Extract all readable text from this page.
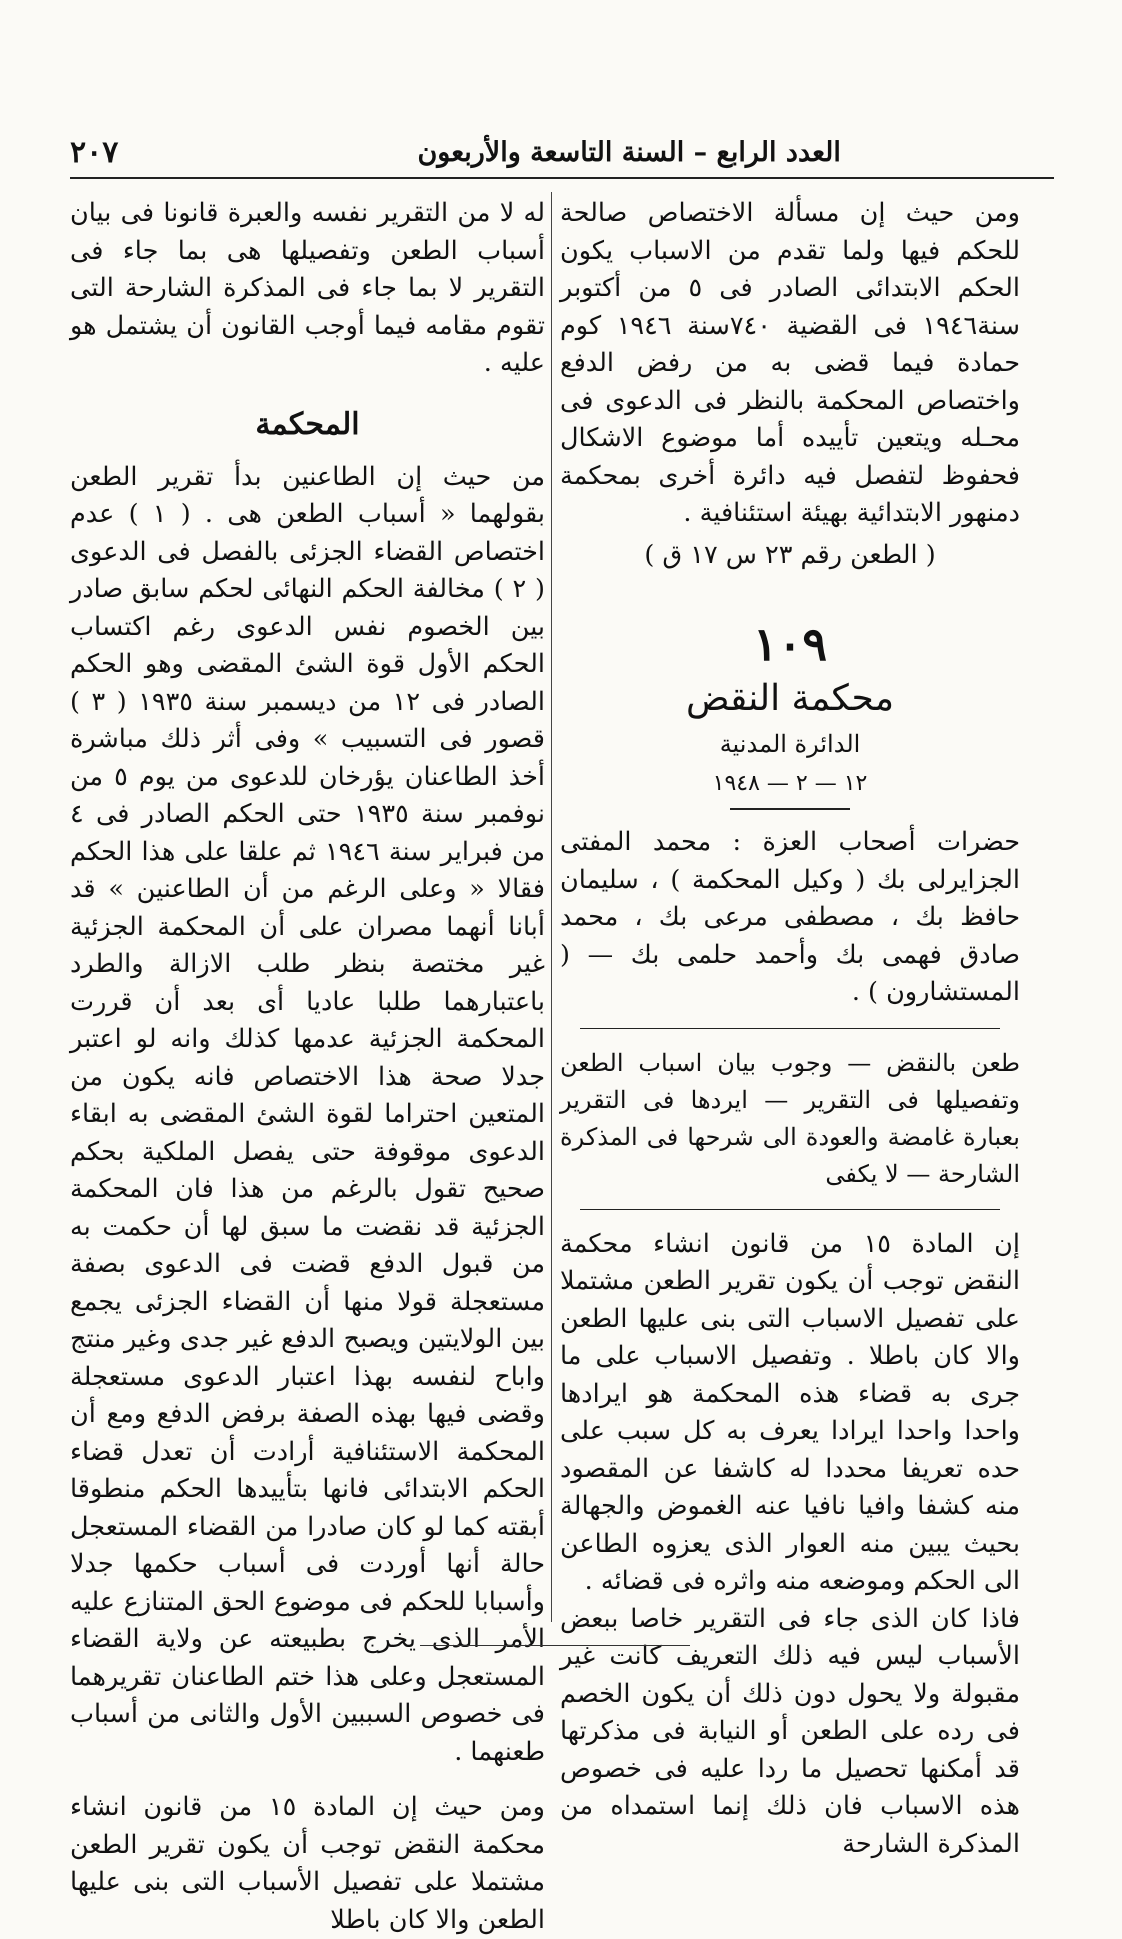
العدد الرابع – السنة التاسعة والأربعون
٢٠٧

ومن حيث إن مسألة الاختصاص صالحة للحكم فيها ولما تقدم من الاسباب يكون الحكم الابتدائى الصادر فى ٥ من أكتوبر سنة١٩٤٦ فى القضية ٧٤٠سنة ١٩٤٦ كوم حمادة فيما قضى به من رفض الدفع واختصاص المحكمة بالنظر فى الدعوى فى محـله ويتعين تأييده أما موضوع الاشكال فحفوظ لتفصل فيه دائرة أخرى بمحكمة دمنهور الابتدائية بهيئة استئنافية .

( الطعن رقم ٢٣ س ١٧ ق )

١٠٩

محكمة النقض

الدائرة المدنية

١٢ — ٢ — ١٩٤٨

حضرات أصحاب العزة : محمد المفتى الجزايرلى بك ( وكيل المحكمة ) ، سليمان حافظ بك ، مصطفى مرعى بك ، محمد صادق فهمى بك وأحمد حلمى بك — ( المستشارون ) .

طعن بالنقض — وجوب بيان اسباب الطعن وتفصيلها فى التقرير — ايردها فى التقرير بعبارة غامضة والعودة الى شرحها فى المذكرة الشارحة — لا يكفى

إن المادة ١٥ من قانون انشاء محكمة النقض توجب أن يكون تقرير الطعن مشتملا على تفصيل الاسباب التى بنى عليها الطعن والا كان باطلا . وتفصيل الاسباب على ما جرى به قضاء هذه المحكمة هو ايرادها واحدا واحدا ايرادا يعرف به كل سبب على حده تعريفا محددا له كاشفا عن المقصود منه كشفا وافيا نافيا عنه الغموض والجهالة بحيث يبين منه العوار الذى يعزوه الطاعن الى الحكم وموضعه منه واثره فى قضائه .

فاذا كان الذى جاء فى التقرير خاصا ببعض الأسباب ليس فيه ذلك التعريف كانت غير مقبولة ولا يحول دون ذلك أن يكون الخصم فى رده على الطعن أو النيابة فى مذكرتها قد أمكنها تحصيل ما ردا عليه فى خصوص هذه الاسباب فان ذلك إنما استمداه من المذكرة الشارحة

له لا من التقرير نفسه والعبرة قانونا فى بيان أسباب الطعن وتفصيلها هى بما جاء فى التقرير لا بما جاء فى المذكرة الشارحة التى تقوم مقامه فيما أوجب القانون أن يشتمل هو عليه .

المحكمة

من حيث إن الطاعنين بدأ تقرير الطعن بقولهما « أسباب الطعن هى . ( ١ ) عدم اختصاص القضاء الجزئى بالفصل فى الدعوى ( ٢ ) مخالفة الحكم النهائى لحكم سابق صادر بين الخصوم نفس الدعوى رغم اكتساب الحكم الأول قوة الشئ المقضى وهو الحكم الصادر فى ١٢ من ديسمبر سنة ١٩٣٥ ( ٣ ) قصور فى التسبيب » وفى أثر ذلك مباشرة أخذ الطاعنان يؤرخان للدعوى من يوم ٥ من نوفمبر سنة ١٩٣٥ حتى الحكم الصادر فى ٤ من فبراير سنة ١٩٤٦ ثم علقا على هذا الحكم فقالا « وعلى الرغم من أن الطاعنين » قد أبانا أنهما مصران على أن المحكمة الجزئية غير مختصة بنظر طلب الازالة والطرد باعتبارهما طلبا عاديا أى بعد أن قررت المحكمة الجزئية عدمها كذلك وانه لو اعتبر جدلا صحة هذا الاختصاص فانه يكون من المتعين احتراما لقوة الشئ المقضى به ابقاء الدعوى موقوفة حتى يفصل الملكية بحكم صحيح تقول بالرغم من هذا فان المحكمة الجزئية قد نقضت ما سبق لها أن حكمت به من قبول الدفع قضت فى الدعوى بصفة مستعجلة قولا منها أن القضاء الجزئى يجمع بين الولايتين ويصبح الدفع غير جدى وغير منتج واباح لنفسه بهذا اعتبار الدعوى مستعجلة وقضى فيها بهذه الصفة برفض الدفع ومع أن المحكمة الاستئنافية أرادت أن تعدل قضاء الحكم الابتدائى فانها بتأييدها الحكم منطوقا أبقته كما لو كان صادرا من القضاء المستعجل حالة أنها أوردت فى أسباب حكمها جدلا وأسبابا للحكم فى موضوع الحق المتنازع عليه الأمر الذى يخرج بطبيعته عن ولاية القضاء المستعجل وعلى هذا ختم الطاعنان تقريرهما فى خصوص السببين الأول والثانى من أسباب طعنهما .

ومن حيث إن المادة ١٥ من قانون انشاء محكمة النقض توجب أن يكون تقرير الطعن مشتملا على تفصيل الأسباب التى بنى عليها الطعن والا كان باطلا
